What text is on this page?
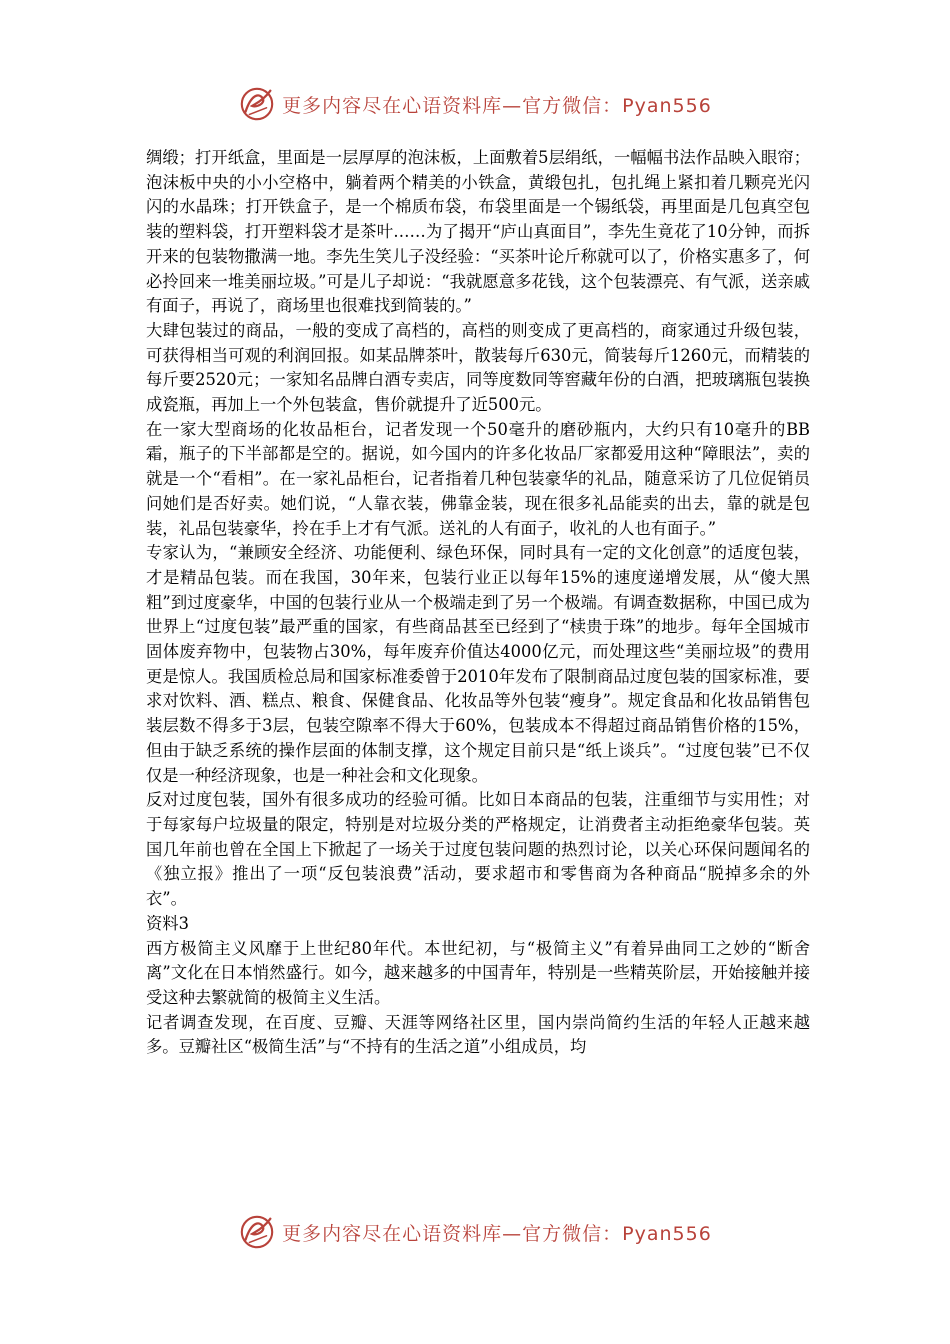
更多内容尽在心语资料库—官方微信：Pyan556

绸缎；打开纸盒，里面是一层厚厚的泡沫板，上面敷着5层绢纸，一幅幅书法作品映入眼帘；泡沫板中央的小小空格中，躺着两个精美的小铁盒，黄缎包扎，包扎绳上紧扣着几颗亮光闪闪的水晶珠；打开铁盒子，是一个棉质布袋，布袋里面是一个锡纸袋，再里面是几包真空包装的塑料袋，打开塑料袋才是茶叶……为了揭开“庐山真面目”，李先生竟花了10分钟，而拆开来的包装物撒满一地。李先生笑儿子没经验：“买茶叶论斤称就可以了，价格实惠多了，何必拎回来一堆美丽垃圾。”可是儿子却说：“我就愿意多花钱，这个包装漂亮、有气派，送亲戚有面子，再说了，商场里也很难找到简装的。”

大肆包装过的商品，一般的变成了高档的，高档的则变成了更高档的，商家通过升级包装，可获得相当可观的利润回报。如某品牌茶叶，散装每斤630元，简装每斤1260元，而精装的每斤要2520元；一家知名品牌白酒专卖店，同等度数同等窖藏年份的白酒，把玻璃瓶包装换成瓷瓶，再加上一个外包装盒，售价就提升了近500元。

在一家大型商场的化妆品柜台，记者发现一个50毫升的磨砂瓶内，大约只有10毫升的BB霜，瓶子的下半部都是空的。据说，如今国内的许多化妆品厂家都爱用这种“障眼法”，卖的就是一个“看相”。在一家礼品柜台，记者指着几种包装豪华的礼品，随意采访了几位促销员问她们是否好卖。她们说，“人靠衣装，佛靠金装，现在很多礼品能卖的出去，靠的就是包装，礼品包装豪华，拎在手上才有气派。送礼的人有面子，收礼的人也有面子。”

专家认为，“兼顾安全经济、功能便利、绿色环保，同时具有一定的文化创意”的适度包装，才是精品包装。而在我国，30年来，包装行业正以每年15%的速度递增发展，从“傻大黑粗”到过度豪华，中国的包装行业从一个极端走到了另一个极端。有调查数据称，中国已成为世界上“过度包装”最严重的国家，有些商品甚至已经到了“椟贵于珠”的地步。每年全国城市固体废弃物中，包装物占30%，每年废弃价值达4000亿元，而处理这些“美丽垃圾”的费用更是惊人。我国质检总局和国家标准委曾于2010年发布了限制商品过度包装的国家标准，要求对饮料、酒、糕点、粮食、保健食品、化妆品等外包装“瘦身”。规定食品和化妆品销售包装层数不得多于3层，包装空隙率不得大于60%，包装成本不得超过商品销售价格的15%，但由于缺乏系统的操作层面的体制支撑，这个规定目前只是“纸上谈兵”。“过度包装”已不仅仅是一种经济现象，也是一种社会和文化现象。

反对过度包装，国外有很多成功的经验可循。比如日本商品的包装，注重细节与实用性；对于每家每户垃圾量的限定，特别是对垃圾分类的严格规定，让消费者主动拒绝豪华包装。英国几年前也曾在全国上下掀起了一场关于过度包装问题的热烈讨论，以关心环保问题闻名的《独立报》推出了一项“反包装浪费”活动，要求超市和零售商为各种商品“脱掉多余的外衣”。

资料3

西方极简主义风靡于上世纪80年代。本世纪初，与“极简主义”有着异曲同工之妙的“断舍离”文化在日本悄然盛行。如今，越来越多的中国青年，特别是一些精英阶层，开始接触并接受这种去繁就简的极简主义生活。

记者调查发现，在百度、豆瓣、天涯等网络社区里，国内崇尚简约生活的年轻人正越来越多。豆瓣社区“极简生活”与“不持有的生活之道”小组成员，均

更多内容尽在心语资料库—官方微信：Pyan556
